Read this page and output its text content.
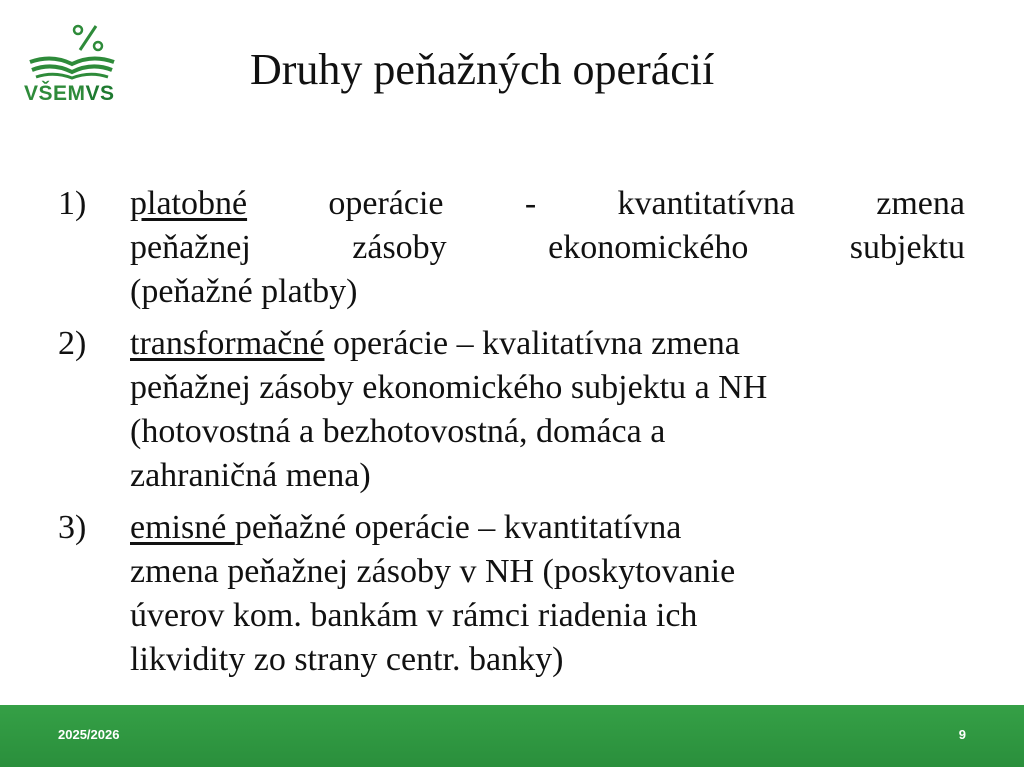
VŠEMVS	Druhy peňažných operácií
1) platobné operácie - kvantitatívna zmena
peňažnej zásoby ekonomického subjektu
(peňažné platby)
2) transformačné operácie – kvalitatívna zmena
peňažnej zásoby ekonomického subjektu a NH
(hotovostná a bezhotovostná, domáca a
zahraničná mena)
3) emisné peňažné operácie – kvantitatívna
zmena peňažnej zásoby v NH (poskytovanie
úverov kom. bankám v rámci riadenia ich
likvidity zo strany centr. banky)
2025/2026	9
